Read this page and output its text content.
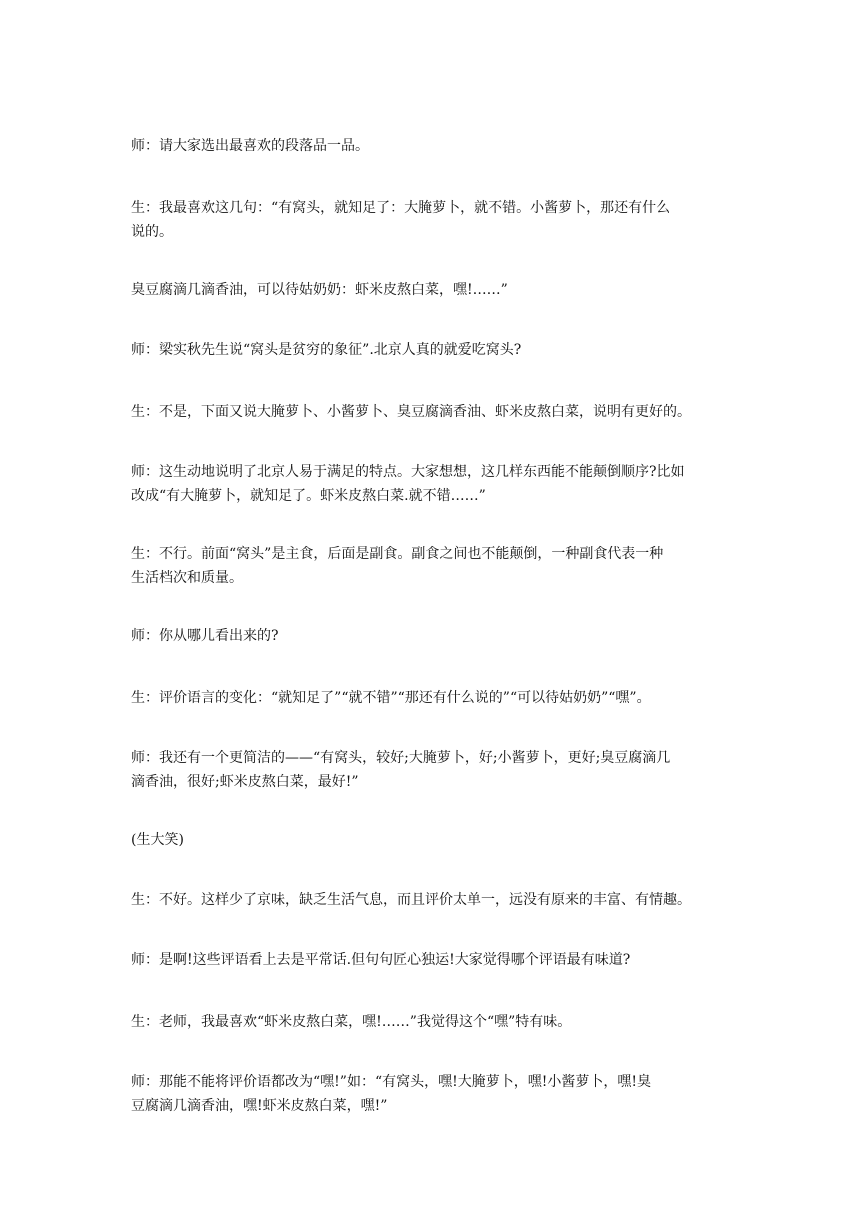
师：请大家选出最喜欢的段落品一品。
生：我最喜欢这几句：“有窝头，就知足了：大腌萝卜，就不错。小酱萝卜，那还有什么
说的。
臭豆腐滴几滴香油，可以待姑奶奶：虾米皮熬白菜，嘿!……”
师：梁实秋先生说“窝头是贫穷的象征”.北京人真的就爱吃窝头?
生：不是，下面又说大腌萝卜、小酱萝卜、臭豆腐滴香油、虾米皮熬白菜，说明有更好的。
师：这生动地说明了北京人易于满足的特点。大家想想，这几样东西能不能颠倒顺序?比如
改成“有大腌萝卜，就知足了。虾米皮熬白菜.就不错……”
生：不行。前面“窝头”是主食，后面是副食。副食之间也不能颠倒，一种副食代表一种
生活档次和质量。
师：你从哪儿看出来的?
生：评价语言的变化：“就知足了”“就不错”“那还有什么说的”“可以待姑奶奶”“嘿”。
师：我还有一个更简洁的——“有窝头，较好;大腌萝卜，好;小酱萝卜，更好;臭豆腐滴几
滴香油，很好;虾米皮熬白菜，最好!”
(生大笑)
生：不好。这样少了京味，缺乏生活气息，而且评价太单一，远没有原来的丰富、有情趣。
师：是啊!这些评语看上去是平常话.但句句匠心独运!大家觉得哪个评语最有味道?
生：老师，我最喜欢“虾米皮熬白菜，嘿!……”我觉得这个“嘿”特有味。
师：那能不能将评价语都改为“嘿!”如：“有窝头，嘿!大腌萝卜，嘿!小酱萝卜，嘿!臭
豆腐滴几滴香油，嘿!虾米皮熬白菜，嘿!”
